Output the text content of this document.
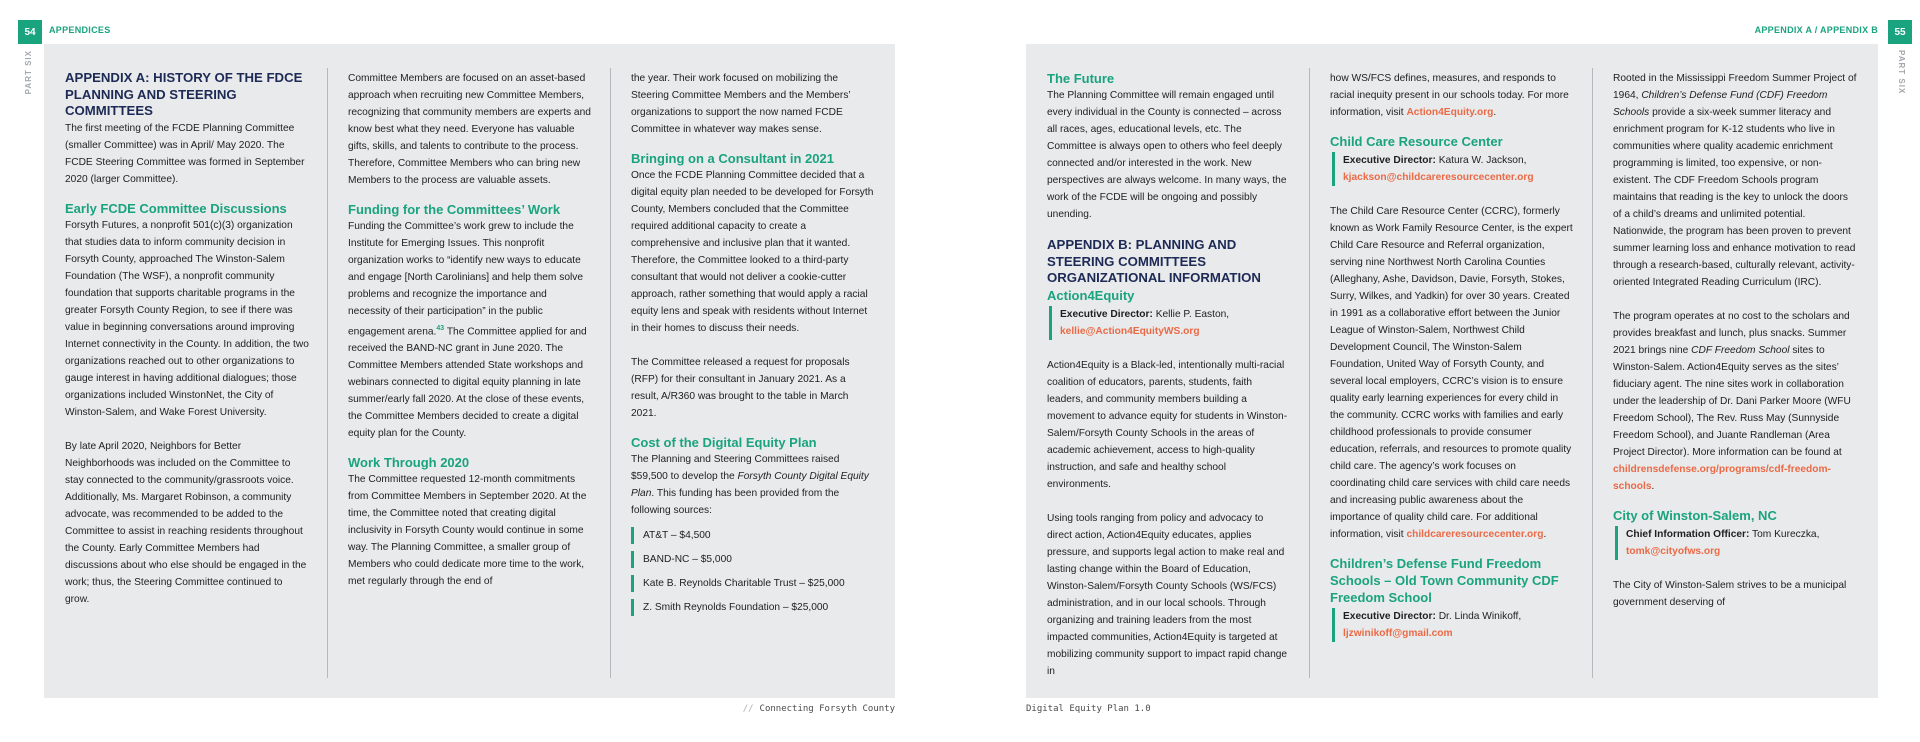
54	APPENDICES
PART SIX APPENDIX A: HISTORY OF THE FDCE PLANNING AND STEERING COMMITTEES

The first meeting of the FCDE Planning Committee (smaller Committee) was in April/ May 2020. The FCDE Steering Committee was formed in September 2020 (larger Committee).

Early FCDE Committee Discussions

Forsyth Futures, a nonprofit 501(c)(3) organization that studies data to inform community decision in Forsyth County, approached The Winston-Salem Foundation (The WSF), a nonprofit community foundation that supports charitable programs in the greater Forsyth County Region, to see if there was value in beginning conversations around improving Internet connectivity in the County. In addition, the two organizations reached out to other organizations to gauge interest in having additional dialogues; those organizations included WinstonNet, the City of Winston-Salem, and Wake Forest University.

By late April 2020, Neighbors for Better Neighborhoods was included on the Committee to stay connected to the community/grassroots voice. Additionally, Ms. Margaret Robinson, a community advocate, was recommended to be added to the Committee to assist in reaching residents throughout the County. Early Committee Members had discussions about who else should be engaged in the work; thus, the Steering Committee continued to grow.

Committee Members are focused on an asset-based approach when recruiting new Committee Members, recognizing that community members are experts and know best what they need. Everyone has valuable gifts, skills, and talents to contribute to the process. Therefore, Committee Members who can bring new Members to the process are valuable assets.

Funding for the Committees’ Work

Funding the Committee’s work grew to include the Institute for Emerging Issues. This nonprofit organization works to “identify new ways to educate and engage [North Carolinians] and help them solve problems and recognize the importance and necessity of their participation” in the public engagement arena.$^{43}$ The Committee applied for and received the BAND-NC grant in June 2020. The Committee Members attended State workshops and webinars connected to digital equity planning in late summer/early fall 2020. At the close of these events, the Committee Members decided to create a digital equity plan for the County.

Work Through 2020

The Committee requested 12-month commitments from Committee Members in September 2020. At the time, the Committee noted that creating digital inclusivity in Forsyth County would continue in some way. The Planning Committee, a smaller group of Members who could dedicate more time to the work, met regularly through the end of

the year. Their work focused on mobilizing the Steering Committee Members and the Members’ organizations to support the now named FCDE Committee in whatever way makes sense.

Bringing on a Consultant in 2021

Once the FCDE Planning Committee decided that a digital equity plan needed to be developed for Forsyth County, Members concluded that the Committee required additional capacity to create a comprehensive and inclusive plan that it wanted. Therefore, the Committee looked to a third-party consultant that would not deliver a cookie-cutter approach, rather something that would apply a racial equity lens and speak with residents without Internet in their homes to discuss their needs.

The Committee released a request for proposals (RFP) for their consultant in January 2021. As a result, A/R360 was brought to the table in March 2021.

Cost of the Digital Equity Plan

The Planning and Steering Committees raised $59,500 to develop the Forsyth County Digital Equity Plan. This funding has been provided from the following sources:

AT&T – $4,500
BAND-NC – $5,000
Kate B. Reynolds Charitable Trust – $25,000
Z. Smith Reynolds Foundation – $25,000
// Connecting Forsyth County
55
APPENDIX A / APPENDIX B
PART SIX
The Future

The Planning Committee will remain engaged until every individual in the County is connected – across all races, ages, educational levels, etc. The Committee is always open to others who feel deeply connected and/or interested in the work. New perspectives are always welcome. In many ways, the work of the FCDE will be ongoing and possibly unending.

APPENDIX B: PLANNING AND STEERING COMMITTEES ORGANIZATIONAL INFORMATION
Action4Equity
Executive Director: Kellie P. Easton,
kellie@Action4EquityWS.org

Action4Equity is a Black-led, intentionally multi-racial coalition of educators, parents, students, faith leaders, and community members building a movement to advance equity for students in Winston-Salem/Forsyth County Schools in the areas of academic achievement, access to high-quality instruction, and safe and healthy school environments.

Using tools ranging from policy and advocacy to direct action, Action4Equity educates, applies pressure, and supports legal action to make real and lasting change within the Board of Education, Winston-Salem/Forsyth County Schools (WS/FCS) administration, and in our local schools. Through organizing and training leaders from the most impacted communities, Action4Equity is targeted at mobilizing community support to impact rapid change in

how WS/FCS defines, measures, and responds to racial inequity present in our schools today. For more information, visit Action4Equity.org.

Child Care Resource Center
Executive Director: Katura W. Jackson,
kjackson@childcareresourcecenter.org

The Child Care Resource Center (CCRC), formerly known as Work Family Resource Center, is the expert Child Care Resource and Referral organization, serving nine Northwest North Carolina Counties (Alleghany, Ashe, Davidson, Davie, Forsyth, Stokes, Surry, Wilkes, and Yadkin) for over 30 years. Created in 1991 as a collaborative effort between the Junior League of Winston-Salem, Northwest Child Development Council, The Winston-Salem Foundation, United Way of Forsyth County, and several local employers, CCRC’s vision is to ensure quality early learning experiences for every child in the community. CCRC works with families and early childhood professionals to provide consumer education, referrals, and resources to promote quality child care. The agency’s work focuses on coordinating child care services with child care needs and increasing public awareness about the importance of quality child care. For additional information, visit childcareresourcecenter.org.

Children’s Defense Fund Freedom Schools – Old Town Community CDF Freedom School
Executive Director: Dr. Linda Winikoff,
ljzwinikoff@gmail.com

Rooted in the Mississippi Freedom Summer Project of 1964, Children’s Defense Fund (CDF) Freedom Schools provide a six-week summer literacy and enrichment program for K-12 students who live in communities where quality academic enrichment programming is limited, too expensive, or non-existent. The CDF Freedom Schools program maintains that reading is the key to unlock the doors of a child’s dreams and unlimited potential. Nationwide, the program has been proven to prevent summer learning loss and enhance motivation to read through a research-based, culturally relevant, activity-oriented Integrated Reading Curriculum (IRC).

The program operates at no cost to the scholars and provides breakfast and lunch, plus snacks. Summer 2021 brings nine CDF Freedom School sites to Winston-Salem. Action4Equity serves as the sites’ fiduciary agent. The nine sites work in collaboration under the leadership of Dr. Dani Parker Moore (WFU Freedom School), The Rev. Russ May (Sunnyside Freedom School), and Juante Randleman (Area Project Director). More information can be found at childrensdefense.org/programs/cdf-freedom-schools.

City of Winston-Salem, NC
Chief Information Officer: Tom Kureczka,
tomk@cityofws.org

The City of Winston-Salem strives to be a municipal government deserving of

Digital Equity Plan 1.0
